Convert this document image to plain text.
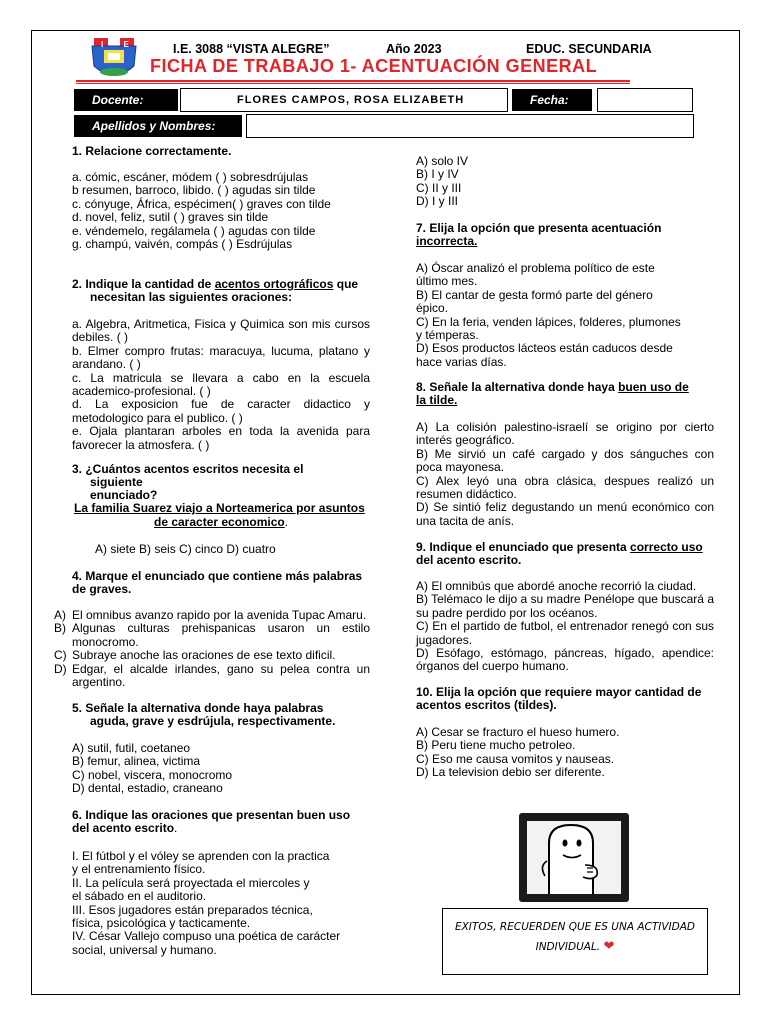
I E	I.E. 3088 “VISTA ALEGRE”	Año 2023	EDUC. SECUNDARIA
FICHA DE TRABAJO 1- ACENTUACIÓN GENERAL
Docente:	FLORES CAMPOS, ROSA ELIZABETH	Fecha:
Apellidos y Nombres:
1. Relacione correctamente.
a. cómic, escáner, módem ( ) sobresdrújulas
b resumen, barroco, libido. ( ) agudas sin tilde
c. cónyuge, África, espécimen( ) graves con tilde
d. novel, feliz, sutil ( ) graves sin tilde
e. véndemelo, regálamela ( ) agudas con tilde
g. champú, vaivén, compás ( ) Esdrújulas
2. Indique la cantidad de acentos ortográficos que
necesitan las siguientes oraciones:
a. Algebra, Aritmetica, Fisica y Quimica son mis cursos debiles. ( )
b. Elmer compro frutas: maracuya, lucuma, platano y arandano. ( )
c. La matricula se llevara a cabo en la escuela academico-profesional. ( )
d. La exposicion fue de caracter didactico y metodologico para el publico. ( )
e. Ojala plantaran arboles en toda la avenida para favorecer la atmosfera. ( )
3. ¿Cuántos acentos escritos necesita el
siguiente
enunciado?
La familia Suarez viajo a Norteamerica por asuntos
de caracter economico.
A) siete B) seis C) cinco D) cuatro
4. Marque el enunciado que contiene más palabras
de graves.
A) El omnibus avanzo rapido por la avenida Tupac Amaru.
B) Algunas culturas prehispanicas usaron un estilo monocromo.
C) Subraye anoche las oraciones de ese texto dificil.
D) Edgar, el alcalde irlandes, gano su pelea contra un argentino.
5. Señale la alternativa donde haya palabras
aguda, grave y esdrújula, respectivamente.
A) sutil, futil, coetaneo
B) femur, alinea, victima
C) nobel, viscera, monocromo
D) dental, estadio, craneano
6. Indique las oraciones que presentan buen uso
del acento escrito.
I. El fútbol y el vóley se aprenden con la practica
y el entrenamiento físico.
II. La película será proyectada el miercoles y
el sábado en el auditorio.
III. Esos jugadores están preparados técnica,
física, psicológica y tacticamente.
IV. César Vallejo compuso una poética de carácter
social, universal y humano.
A) solo IV
B) I y IV
C) II y III
D) I y III
7. Elija la opción que presenta acentuación
incorrecta.
A) Óscar analizó el problema político de este
último mes.
B) El cantar de gesta formó parte del género
épico.
C) En la feria, venden lápices, folderes, plumones
y témperas.
D) Esos productos lácteos están caducos desde
hace varias días.
8. Señale la alternativa donde haya buen uso de
la tilde.
A) La colisión palestino-israelí se origino por cierto interés geográfico.
B) Me sirvió un café cargado y dos sánguches con poca mayonesa.
C) Alex leyó una obra clásica, despues realizó un resumen didáctico.
D) Se sintió feliz degustando un menú económico con una tacita de anís.
9. Indique el enunciado que presenta correcto uso
del acento escrito.
A) El omnibús que abordé anoche recorrió la ciudad.
B) Telémaco le dijo a su madre Penélope que buscará a su padre perdido por los océanos.
C) En el partido de futbol, el entrenador renegó con sus jugadores.
D) Esófago, estómago, páncreas, hígado, apendice: órganos del cuerpo humano.
10. Elija la opción que requiere mayor cantidad de
acentos escritos (tildes).
A) Cesar se fracturo el hueso humero.
B) Peru tiene mucho petroleo.
C) Eso me causa vomitos y nauseas.
D) La television debio ser diferente.
EXITOS, RECUERDEN QUE ES UNA ACTIVIDAD
INDIVIDUAL. ❤
